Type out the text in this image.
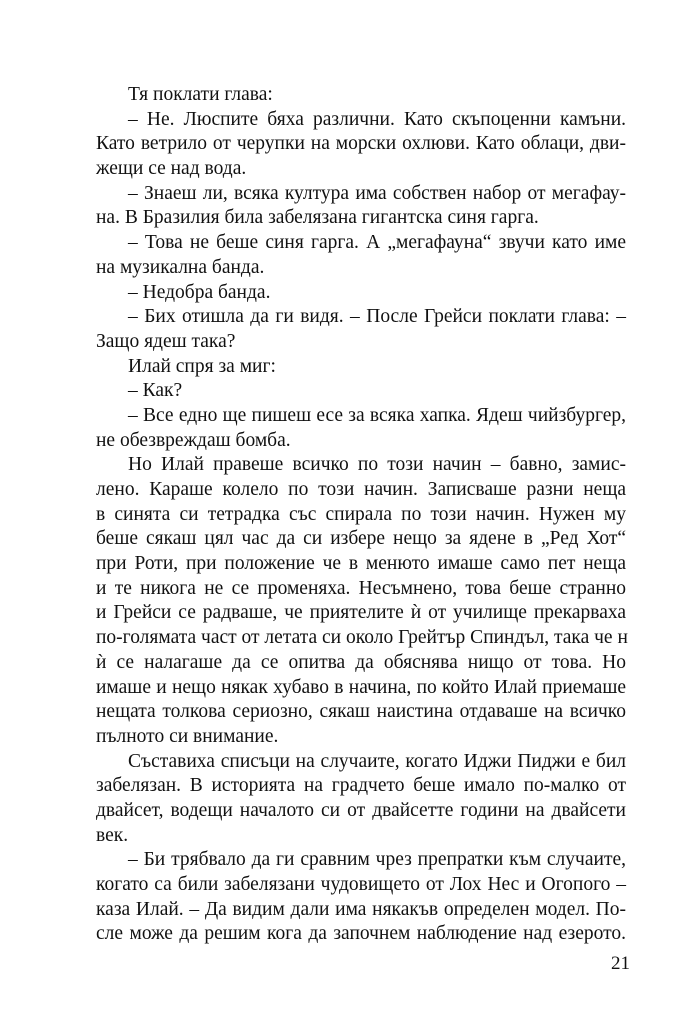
Тя поклати глава:
– Не. Люспите бяха различни. Като скъпоценни камъни.
Като ветрило от черупки на морски охлюви. Като облаци, дви-
жещи се над вода.
– Знаеш ли, всяка култура има собствен набор от мегафау-
на. В Бразилия била забелязана гигантска синя гарга.
– Това не беше синя гарга. А „мегафауна“ звучи като име
на музикална банда.
– Недобра банда.
– Бих отишла да ги видя. – После Грейси поклати глава: –
Защо ядеш така?
Илай спря за миг:
– Как?
– Все едно ще пишеш есе за всяка хапка. Ядеш чийзбургер,
не обезвреждаш бомба.
Но Илай правеше всичко по този начин – бавно, замис-
лено. Караше колело по този начин. Записваше разни неща
в синята си тетрадка със спирала по този начин. Нужен му
беше сякаш цял час да си избере нещо за ядене в „Ред Хот“
при Роти, при положение че в менюто имаше само пет неща
и те никога не се променяха. Несъмнено, това беше странно
и Грейси се радваше, че приятелите ѝ от училище прекарваха
по-голямата част от летата си около Грейтър Спиндъл, така че н
ѝ се налагаше да се опитва да обяснява нищо от това. Но
имаше и нещо някак хубаво в начина, по който Илай приемаше
нещата толкова сериозно, сякаш наистина отдаваше на всичко
пълното си внимание.
Съставиха списъци на случаите, когато Иджи Пиджи е бил
забелязан. В историята на градчето беше имало по-малко от
двайсет, водещи началото си от двайсетте години на двайсети
век.
– Би трябвало да ги сравним чрез препратки към случаите,
когато са били забелязани чудовището от Лох Нес и Огопого –
каза Илай. – Да видим дали има някакъв определен модел. По-
сле може да решим кога да започнем наблюдение над езерото.
21
